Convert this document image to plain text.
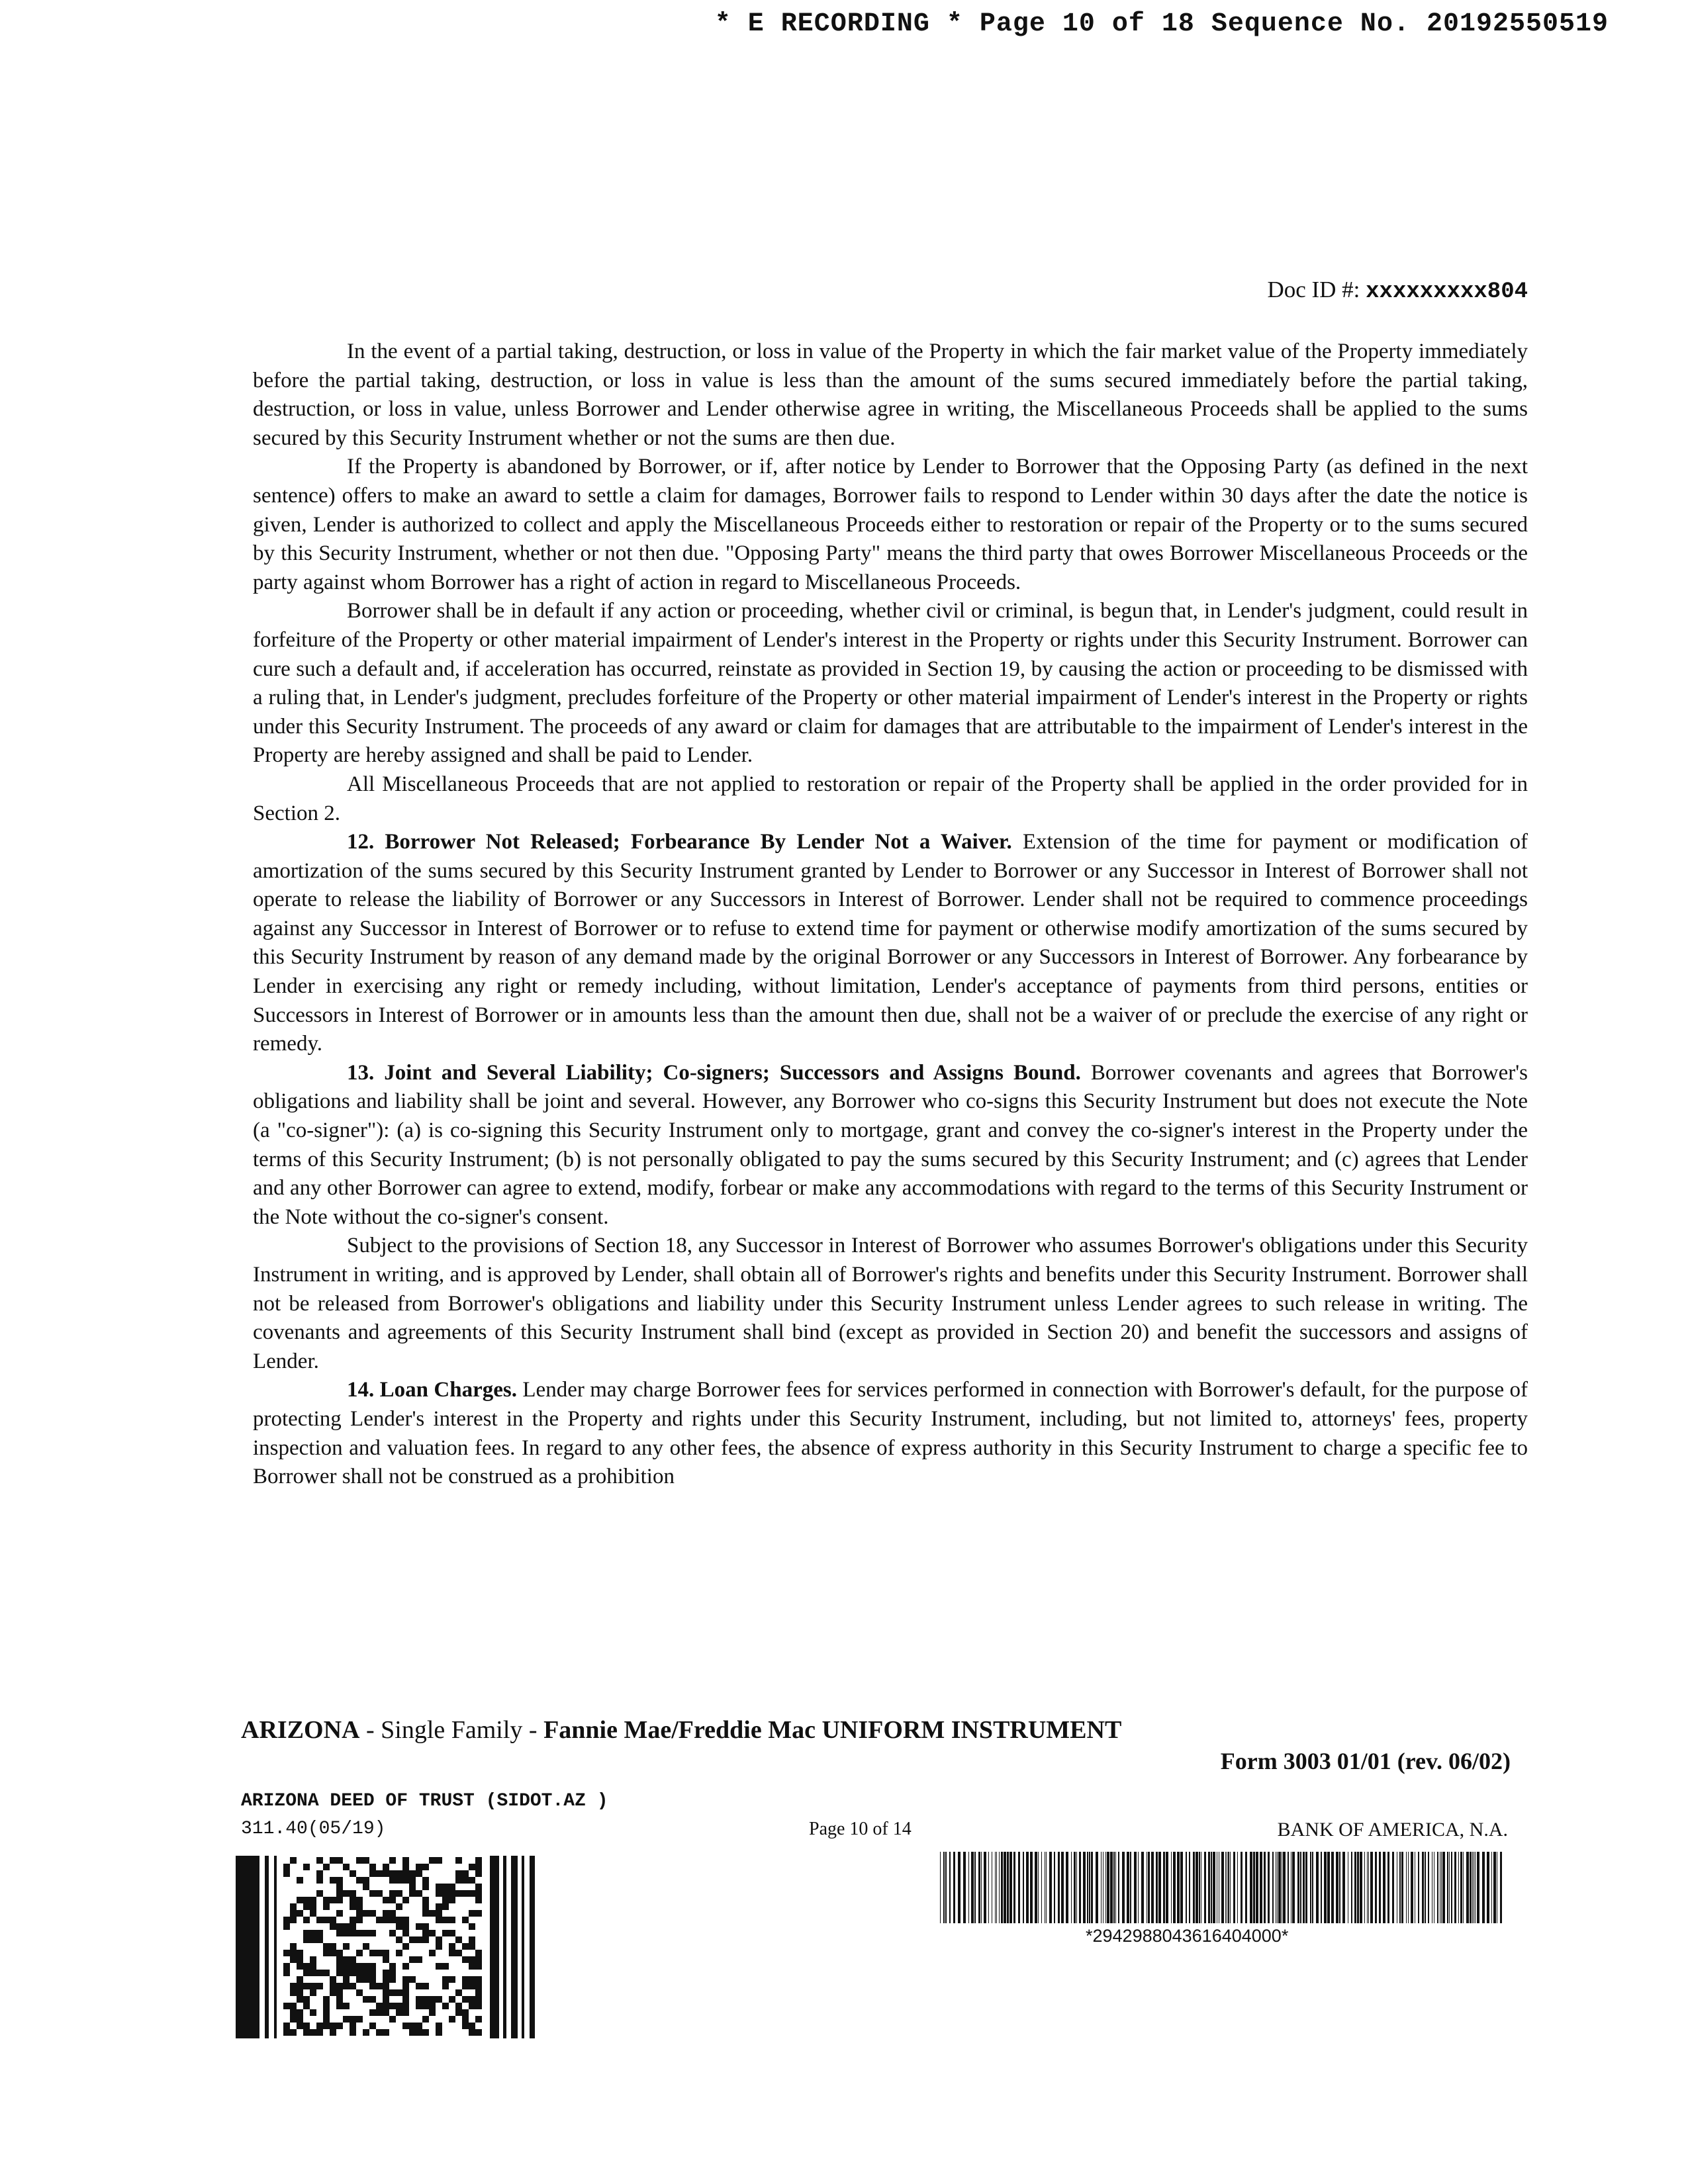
* E RECORDING * Page 10 of 18 Sequence No. 20192550519
Doc ID #: xxxxxxxxx804

In the event of a partial taking, destruction, or loss in value of the Property in which the fair market value of the Property immediately before the partial taking, destruction, or loss in value is less than the amount of the sums secured immediately before the partial taking, destruction, or loss in value, unless Borrower and Lender otherwise agree in writing, the Miscellaneous Proceeds shall be applied to the sums secured by this Security Instrument whether or not the sums are then due.

If the Property is abandoned by Borrower, or if, after notice by Lender to Borrower that the Opposing Party (as defined in the next sentence) offers to make an award to settle a claim for damages, Borrower fails to respond to Lender within 30 days after the date the notice is given, Lender is authorized to collect and apply the Miscellaneous Proceeds either to restoration or repair of the Property or to the sums secured by this Security Instrument, whether or not then due. "Opposing Party" means the third party that owes Borrower Miscellaneous Proceeds or the party against whom Borrower has a right of action in regard to Miscellaneous Proceeds.

Borrower shall be in default if any action or proceeding, whether civil or criminal, is begun that, in Lender's judgment, could result in forfeiture of the Property or other material impairment of Lender's interest in the Property or rights under this Security Instrument. Borrower can cure such a default and, if acceleration has occurred, reinstate as provided in Section 19, by causing the action or proceeding to be dismissed with a ruling that, in Lender's judgment, precludes forfeiture of the Property or other material impairment of Lender's interest in the Property or rights under this Security Instrument. The proceeds of any award or claim for damages that are attributable to the impairment of Lender's interest in the Property are hereby assigned and shall be paid to Lender.

All Miscellaneous Proceeds that are not applied to restoration or repair of the Property shall be applied in the order provided for in Section 2.

12. Borrower Not Released; Forbearance By Lender Not a Waiver. Extension of the time for payment or modification of amortization of the sums secured by this Security Instrument granted by Lender to Borrower or any Successor in Interest of Borrower shall not operate to release the liability of Borrower or any Successors in Interest of Borrower. Lender shall not be required to commence proceedings against any Successor in Interest of Borrower or to refuse to extend time for payment or otherwise modify amortization of the sums secured by this Security Instrument by reason of any demand made by the original Borrower or any Successors in Interest of Borrower. Any forbearance by Lender in exercising any right or remedy including, without limitation, Lender's acceptance of payments from third persons, entities or Successors in Interest of Borrower or in amounts less than the amount then due, shall not be a waiver of or preclude the exercise of any right or remedy.

13. Joint and Several Liability; Co-signers; Successors and Assigns Bound. Borrower covenants and agrees that Borrower's obligations and liability shall be joint and several. However, any Borrower who co-signs this Security Instrument but does not execute the Note (a "co-signer"): (a) is co-signing this Security Instrument only to mortgage, grant and convey the co-signer's interest in the Property under the terms of this Security Instrument; (b) is not personally obligated to pay the sums secured by this Security Instrument; and (c) agrees that Lender and any other Borrower can agree to extend, modify, forbear or make any accommodations with regard to the terms of this Security Instrument or the Note without the co-signer's consent.

Subject to the provisions of Section 18, any Successor in Interest of Borrower who assumes Borrower's obligations under this Security Instrument in writing, and is approved by Lender, shall obtain all of Borrower's rights and benefits under this Security Instrument. Borrower shall not be released from Borrower's obligations and liability under this Security Instrument unless Lender agrees to such release in writing. The covenants and agreements of this Security Instrument shall bind (except as provided in Section 20) and benefit the successors and assigns of Lender.

14. Loan Charges. Lender may charge Borrower fees for services performed in connection with Borrower's default, for the purpose of protecting Lender's interest in the Property and rights under this Security Instrument, including, but not limited to, attorneys' fees, property inspection and valuation fees. In regard to any other fees, the absence of express authority in this Security Instrument to charge a specific fee to Borrower shall not be construed as a prohibition

ARIZONA - Single Family - Fannie Mae/Freddie Mac UNIFORM INSTRUMENT
Form 3003 01/01 (rev. 06/02)
ARIZONA DEED OF TRUST (SIDOT.AZ )
311.40(05/19)	Page 10 of 14	BANK OF AMERICA, N.A.
*2942988043616404000*
